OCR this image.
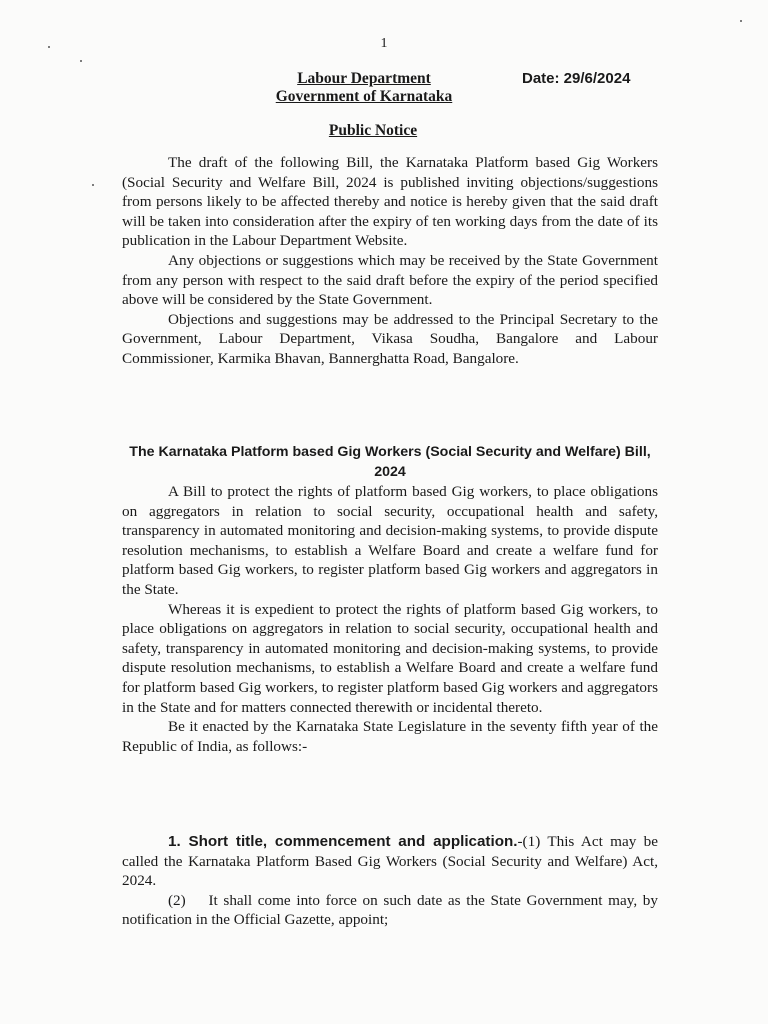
1
Labour Department
Government of Karnataka
Date: 29/6/2024
Public Notice

The draft of the following Bill, the Karnataka Platform based Gig Workers (Social Security and Welfare Bill, 2024 is published inviting objections/suggestions from persons likely to be affected thereby and notice is hereby given that the said draft will be taken into consideration after the expiry of ten working days from the date of its publication in the Labour Department Website.

Any objections or suggestions which may be received by the State Government from any person with respect to the said draft before the expiry of the period specified above will be considered by the State Government.

Objections and suggestions may be addressed to the Principal Secretary to the Government, Labour Department, Vikasa Soudha, Bangalore and Labour Commissioner, Karmika Bhavan, Bannerghatta Road, Bangalore.

The Karnataka Platform based Gig Workers (Social Security and Welfare) Bill, 2024

A Bill to protect the rights of platform based Gig workers, to place obligations on aggregators in relation to social security, occupational health and safety, transparency in automated monitoring and decision-making systems, to provide dispute resolution mechanisms, to establish a Welfare Board and create a welfare fund for platform based Gig workers, to register platform based Gig workers and aggregators in the State.

Whereas it is expedient to protect the rights of platform based Gig workers, to place obligations on aggregators in relation to social security, occupational health and safety, transparency in automated monitoring and decision-making systems, to provide dispute resolution mechanisms, to establish a Welfare Board and create a welfare fund for platform based Gig workers, to register platform based Gig workers and aggregators in the State and for matters connected therewith or incidental thereto.

Be it enacted by the Karnataka State Legislature in the seventy fifth year of the Republic of India, as follows:-

1. Short title, commencement and application.-(1) This Act may be called the Karnataka Platform Based Gig Workers (Social Security and Welfare) Act, 2024.

(2)    It shall come into force on such date as the State Government may, by notification in the Official Gazette, appoint;
